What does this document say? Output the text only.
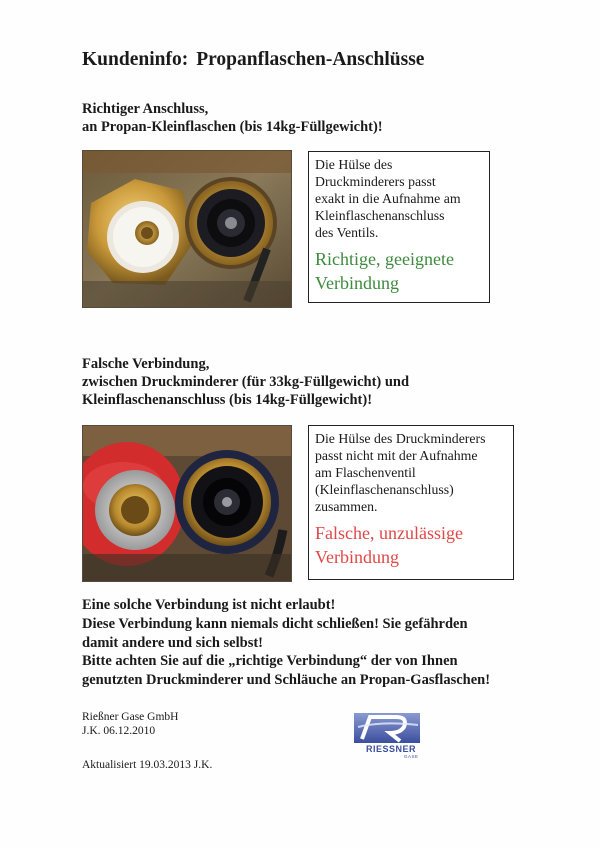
Kundeninfo: Propanflaschen-Anschlüsse
Richtiger Anschluss,
an Propan-Kleinflaschen (bis 14kg-Füllgewicht)!
Die Hülse des
Druckminderers passt
exakt in die Aufnahme am
Kleinflaschenanschluss
des Ventils.
Richtige, geeignete
Verbindung
Falsche Verbindung,
zwischen Druckminderer (für 33kg-Füllgewicht) und
Kleinflaschenanschluss (bis 14kg-Füllgewicht)!
Die Hülse des Druckminderers
passt nicht mit der Aufnahme
am Flaschenventil
(Kleinflaschenanschluss)
zusammen.
Falsche, unzulässige
Verbindung
Eine solche Verbindung ist nicht erlaubt!
Diese Verbindung kann niemals dicht schließen! Sie gefährden
damit andere und sich selbst!
Bitte achten Sie auf die „richtige Verbindung“ der von Ihnen
genutzten Druckminderer und Schläuche an Propan-Gasflaschen!
Rießner Gase GmbH
J.K. 06.12.2010
Aktualisiert 19.03.2013 J.K.
RIESSNER
GASE
